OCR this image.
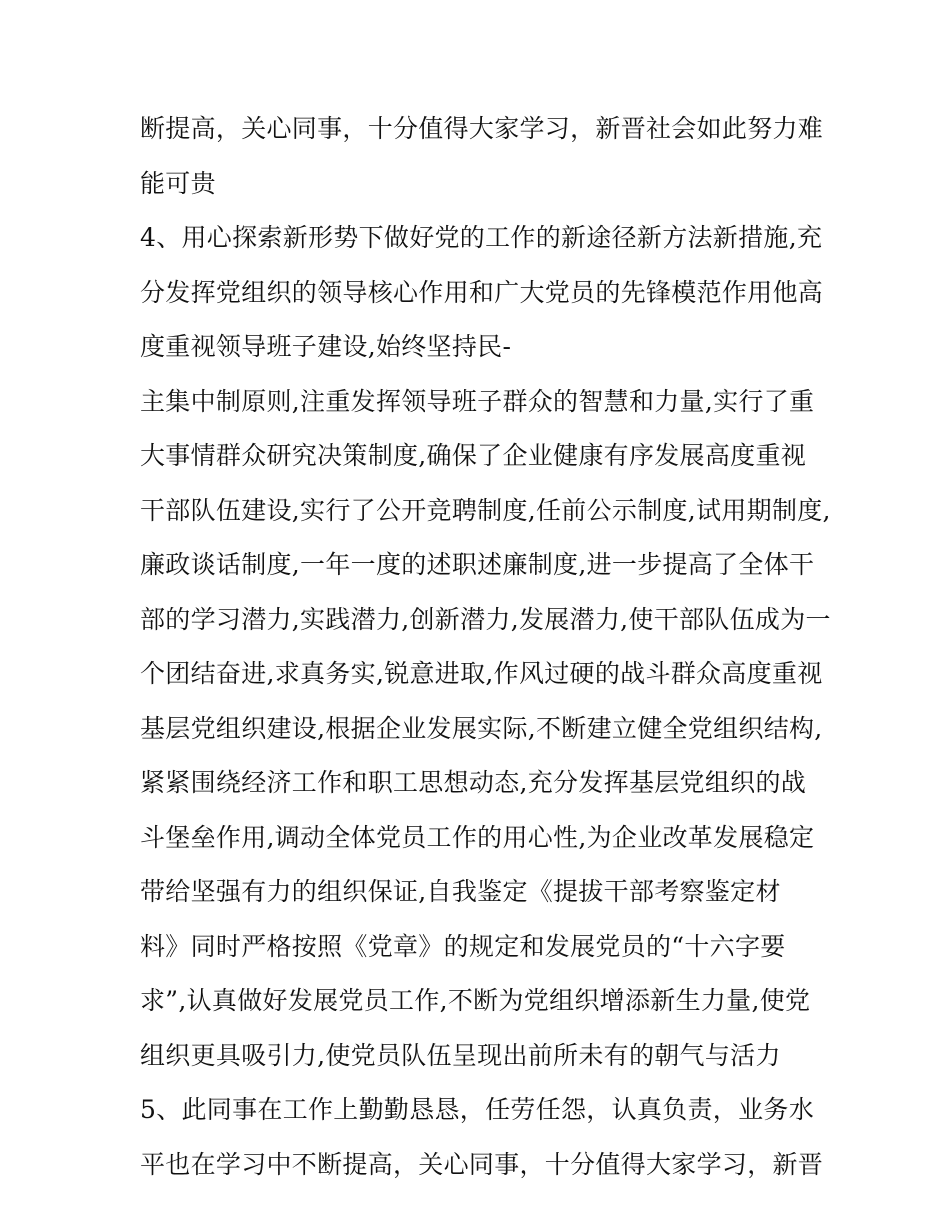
断提高，关心同事，十分值得大家学习，新晋社会如此努力难
能可贵
4、用心探索新形势下做好党的工作的新途径新方法新措施,充
分发挥党组织的领导核心作用和广大党员的先锋模范作用他高
度重视领导班子建设,始终坚持民-
主集中制原则,注重发挥领导班子群众的智慧和力量,实行了重
大事情群众研究决策制度,确保了企业健康有序发展高度重视
干部队伍建设,实行了公开竞聘制度,任前公示制度,试用期制度,
廉政谈话制度,一年一度的述职述廉制度,进一步提高了全体干
部的学习潜力,实践潜力,创新潜力,发展潜力,使干部队伍成为一
个团结奋进,求真务实,锐意进取,作风过硬的战斗群众高度重视
基层党组织建设,根据企业发展实际,不断建立健全党组织结构,
紧紧围绕经济工作和职工思想动态,充分发挥基层党组织的战
斗堡垒作用,调动全体党员工作的用心性,为企业改革发展稳定
带给坚强有力的组织保证,自我鉴定《提拔干部考察鉴定材
料》同时严格按照《党章》的规定和发展党员的“十六字要
求”,认真做好发展党员工作,不断为党组织增添新生力量,使党
组织更具吸引力,使党员队伍呈现出前所未有的朝气与活力
5、此同事在工作上勤勤恳恳，任劳任怨，认真负责，业务水
平也在学习中不断提高，关心同事，十分值得大家学习，新晋
